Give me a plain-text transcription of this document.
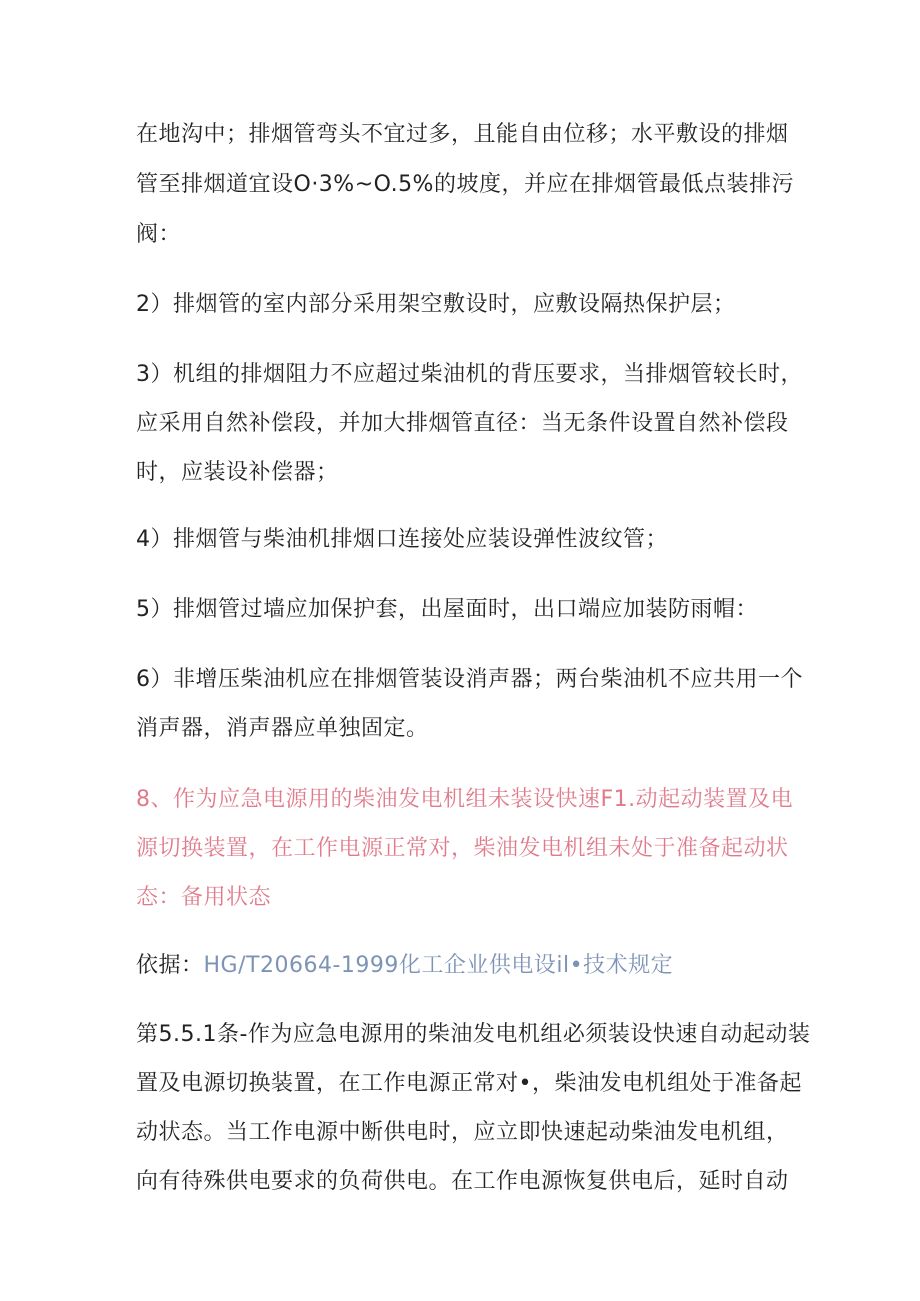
在地沟中；排烟管弯头不宜过多，且能自由位移；水平敷设的排烟
管至排烟道宜设O·3%~O.5%的坡度，并应在排烟管最低点装排污
阀：
2）排烟管的室内部分采用架空敷设时，应敷设隔热保护层；
3）机组的排烟阻力不应超过柴油机的背压要求，当排烟管较长时，
应采用自然补偿段，并加大排烟管直径：当无条件设置自然补偿段
时，应装设补偿器；
4）排烟管与柴油机排烟口连接处应装设弹性波纹管；
5）排烟管过墙应加保护套，出屋面时，出口端应加装防雨帽：
6）非增压柴油机应在排烟管装设消声器；两台柴油机不应共用一个
消声器，消声器应单独固定。
8、作为应急电源用的柴油发电机组未装设快速F1.动起动装置及电
源切换装置，在工作电源正常对，柴油发电机组未处于准备起动状
态：备用状态
依据：HG/T20664-1999化工企业供电设il•技术规定
第5.5.1条-作为应急电源用的柴油发电机组必须装设快速自动起动装
置及电源切换装置，在工作电源正常对•，柴油发电机组处于准备起
动状态。当工作电源中断供电时，应立即快速起动柴油发电机组，
向有待殊供电要求的负荷供电。在工作电源恢复供电后，延时自动
